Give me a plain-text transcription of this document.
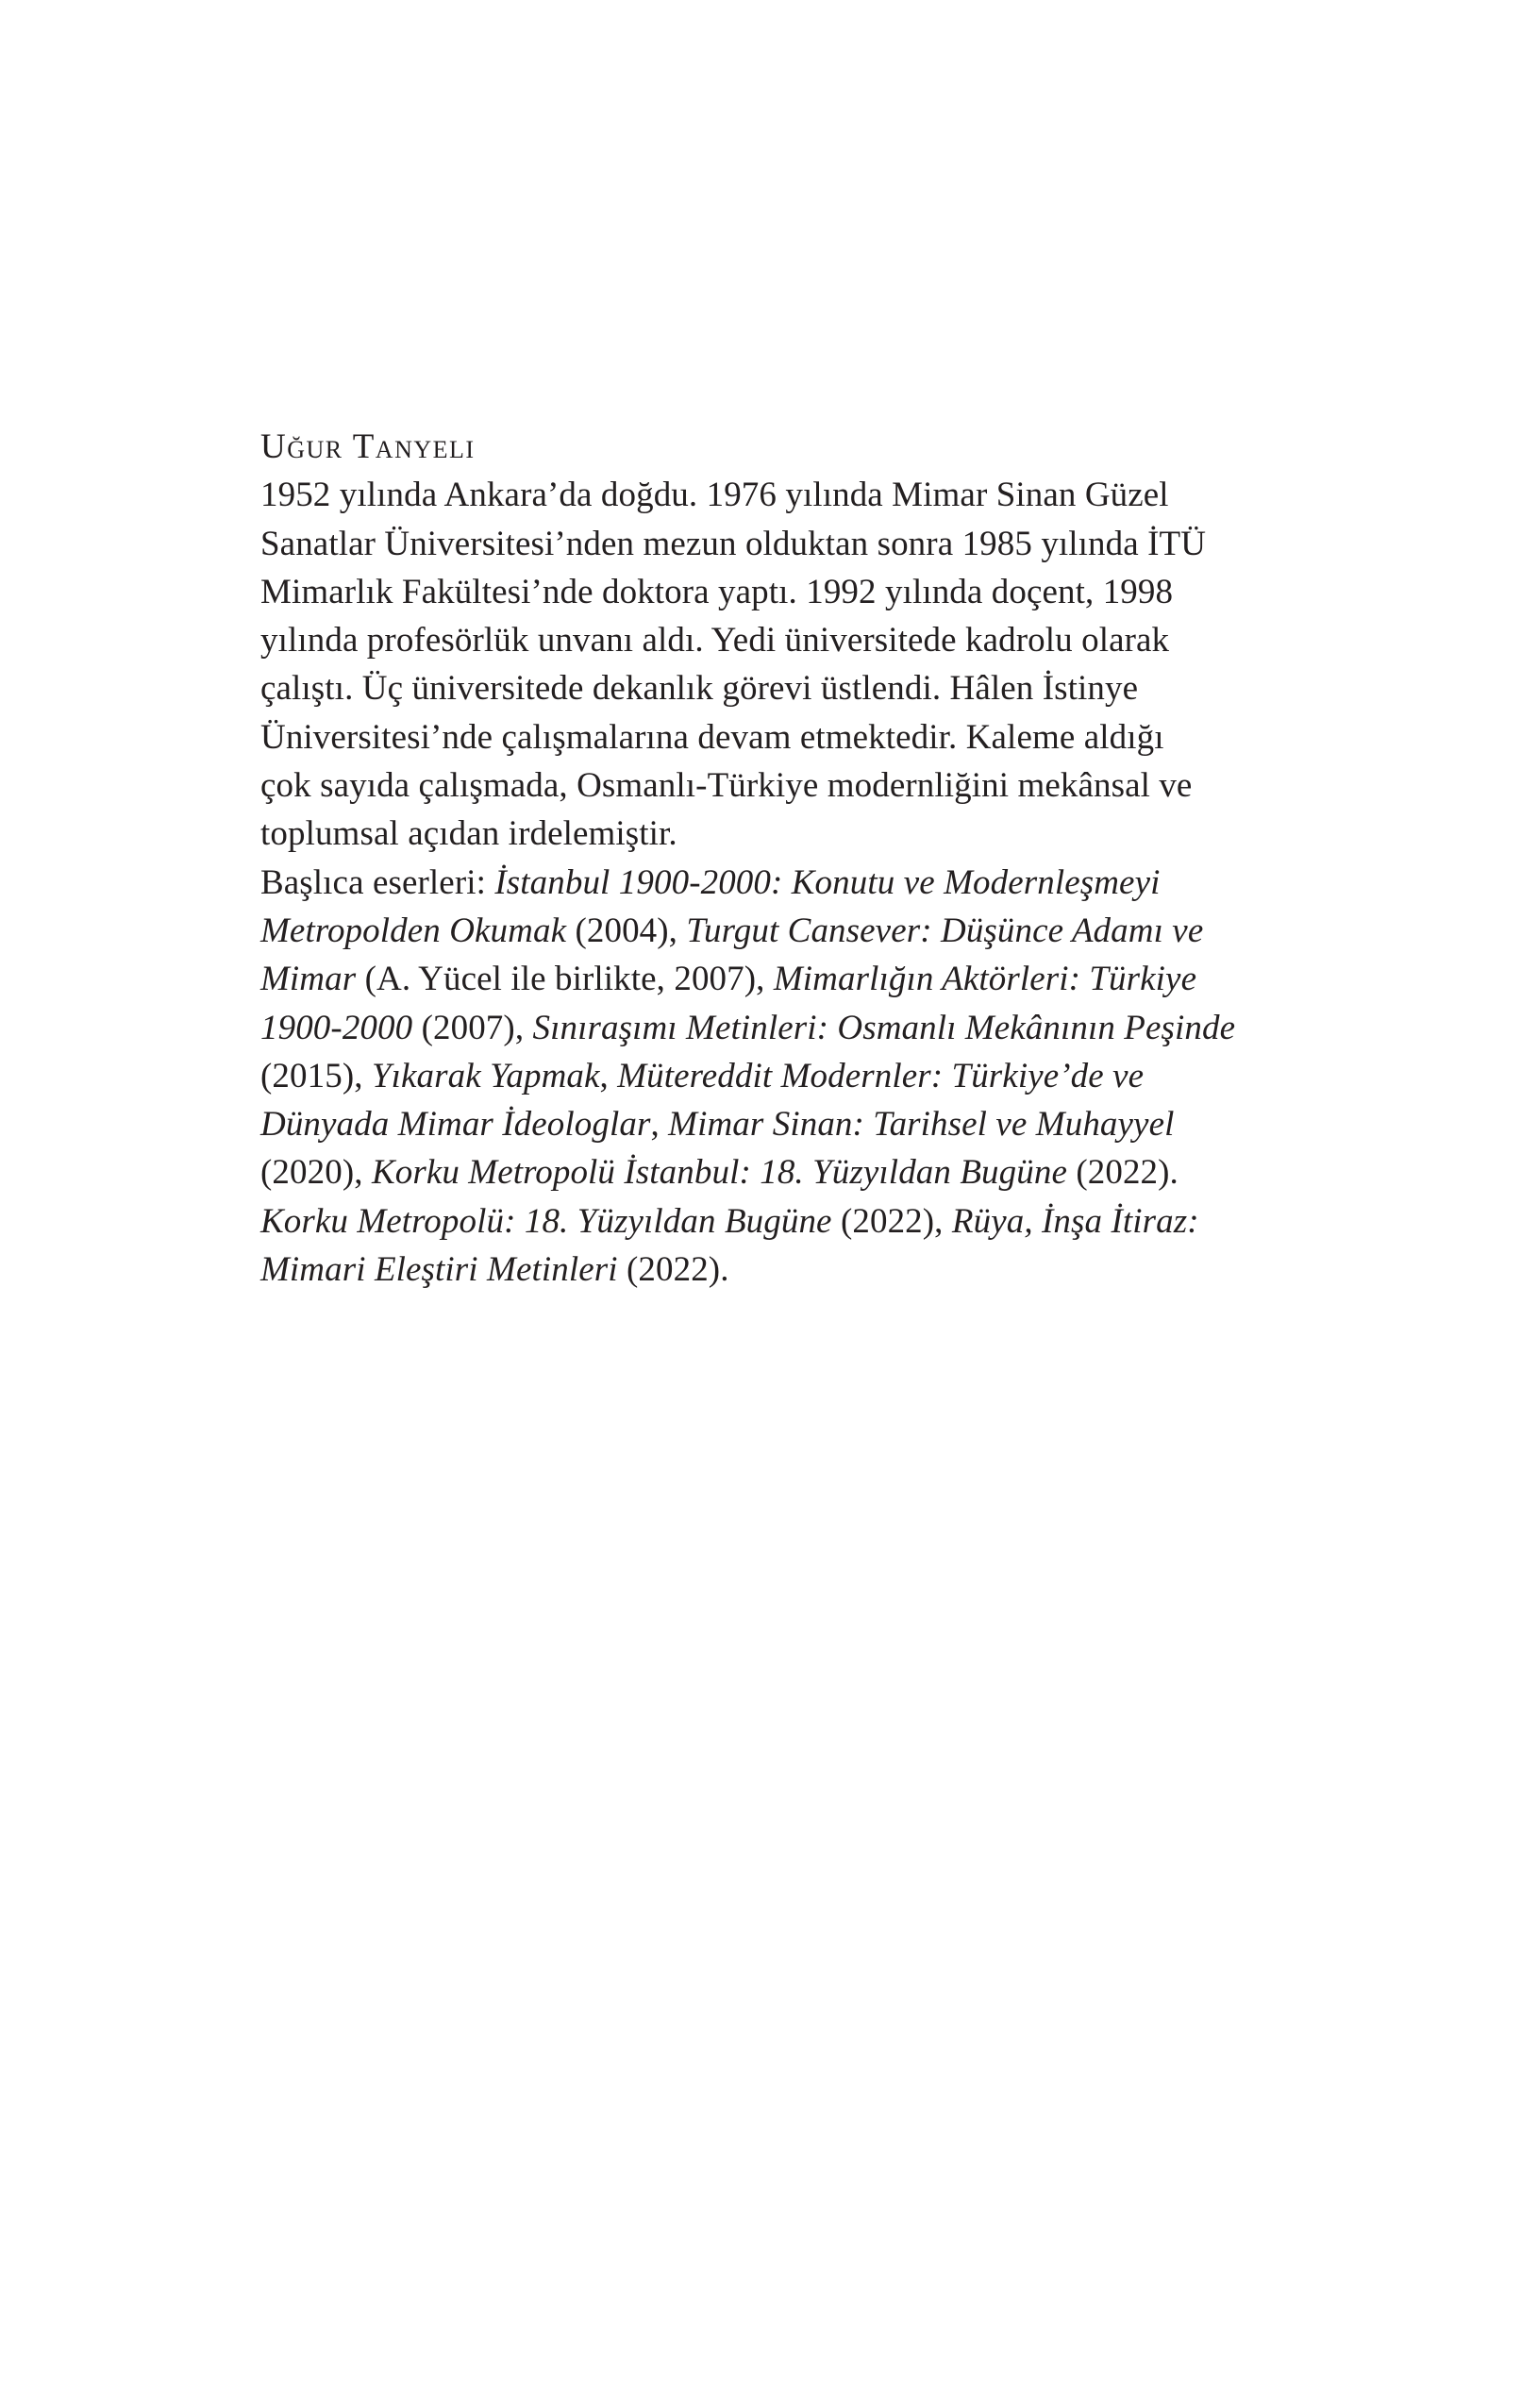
Uğur Tanyeli

1952 yılında Ankara’da doğdu. 1976 yılında Mimar Sinan Güzel
Sanatlar Üniversitesi’nden mezun olduktan sonra 1985 yılında İTÜ
Mimarlık Fakültesi’nde doktora yaptı. 1992 yılında doçent, 1998
yılında profesörlük unvanı aldı. Yedi üniversitede kadrolu olarak
çalıştı. Üç üniversitede dekanlık görevi üstlendi. Hâlen İstinye
Üniversitesi’nde çalışmalarına devam etmektedir. Kaleme aldığı
çok sayıda çalışmada, Osmanlı-Türkiye modernliğini mekânsal ve
toplumsal açıdan irdelemiştir.
Başlıca eserleri: İstanbul 1900-2000: Konutu ve Modernleşmeyi
Metropolden Okumak (2004), Turgut Cansever: Düşünce Adamı ve
Mimar (A. Yücel ile birlikte, 2007), Mimarlığın Aktörleri: Türkiye
1900-2000 (2007), Sınıraşımı Metinleri: Osmanlı Mekânının Peşinde
(2015), Yıkarak Yapmak, Mütereddit Modernler: Türkiye’de ve
Dünyada Mimar İdeologlar, Mimar Sinan: Tarihsel ve Muhayyel
(2020), Korku Metropolü İstanbul: 18. Yüzyıldan Bugüne (2022).
Korku Metropolü: 18. Yüzyıldan Bugüne (2022), Rüya, İnşa İtiraz:
Mimari Eleştiri Metinleri (2022).
